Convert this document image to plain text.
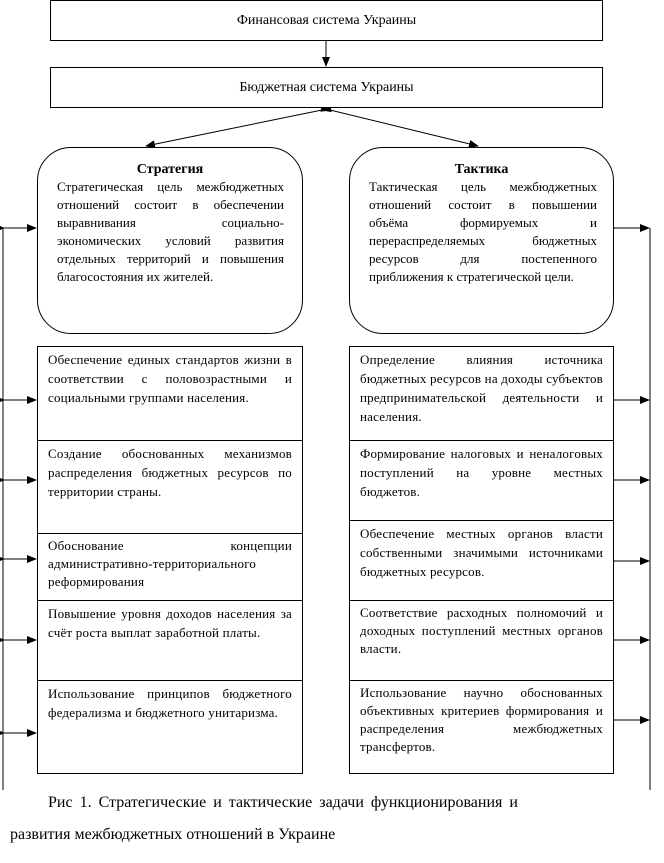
Финансовая система Украины
Бюджетная система Украины
Стратегия
Стратегическая цель межбюджетных отношений состоит в обеспечении выравнивания социально-экономических условий развития отдельных территорий и повышения благосостояния их жителей.
Тактика
Тактическая цель межбюджетных отношений состоит в повышении объёма формируемых и перераспределяемых бюджетных ресурсов для постепенного приближения к стратегической цели.
Обеспечение единых стандартов жизни в соответствии с половозрастными и социальными группами населения.
Создание обоснованных механизмов распределения бюджетных ресурсов по территории страны.
Обоснование концепции административно-территориального реформирования
Повышение уровня доходов населения за счёт роста выплат заработной платы.
Использование принципов бюджетного федерализма и бюджетного унитаризма.
Определение влияния источника бюджетных ресурсов на доходы субъектов предпринимательской деятельности и населения.
Формирование налоговых и неналоговых поступлений на уровне местных бюджетов.
Обеспечение местных органов власти собственными значимыми источниками бюджетных ресурсов.
Соответствие расходных полномочий и доходных поступлений местных органов власти.
Использование научно обоснованных объективных критериев формирования и распределения межбюджетных трансфертов.
Рис 1. Стратегические и тактические задачи функционирования и
развития межбюджетных отношений в Украине
